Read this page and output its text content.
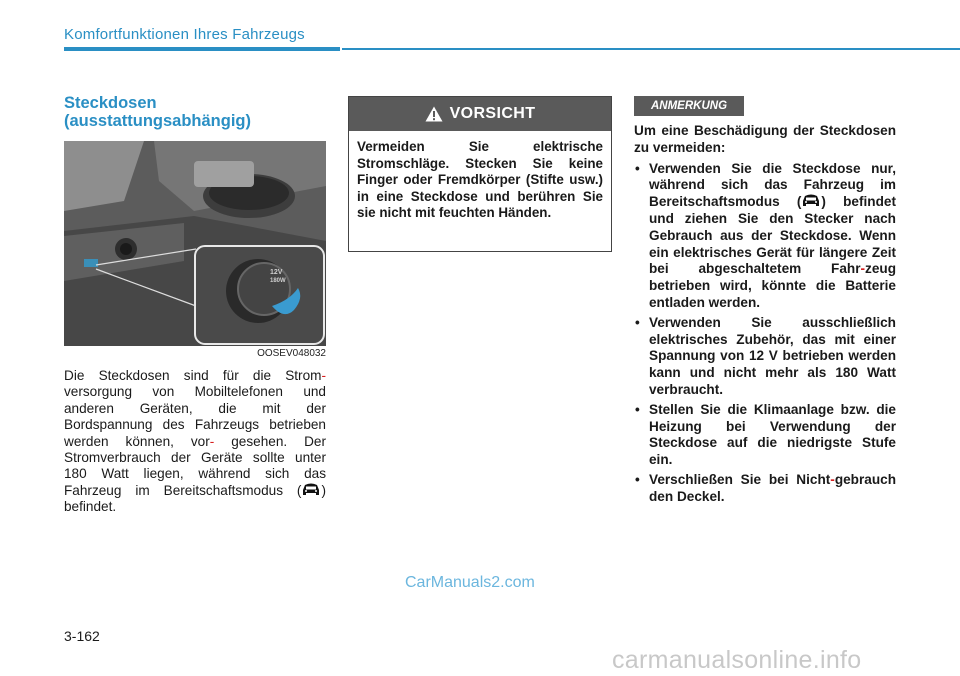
Komfortfunktionen Ihres Fahrzeugs
Steckdosen
(ausstattungsabhängig)
12V
180W
OOSEV048032

Die Steckdosen sind für die Strom- versorgung von Mobiltelefonen und anderen Geräten, die mit der Bordspannung des Fahrzeugs betrieben werden können, vor- gesehen. Der Stromverbrauch der Geräte sollte unter 180 Watt liegen, während sich das Fahrzeug im Bereitschaftsmodus ( ) befindet.

VORSICHT
Vermeiden Sie elektrische Stromschläge. Stecken Sie keine Finger oder Fremdkörper (Stifte usw.) in eine Steckdose und berühren Sie sie nicht mit feuchten Händen.
ANMERKUNG

Um eine Beschädigung der Steckdosen zu vermeiden:

• Verwenden Sie die Steckdose nur, während sich das Fahrzeug im Bereitschaftsmodus ( ) befindet und ziehen Sie den Stecker nach Gebrauch aus der Steckdose. Wenn ein elektrisches Gerät für längere Zeit bei abgeschaltetem Fahr-zeug betrieben wird, könnte die Batterie entladen werden.
• Verwenden Sie ausschließlich elektrisches Zubehör, das mit einer Spannung von 12 V betrieben werden kann und nicht mehr als 180 Watt verbraucht.
• Stellen Sie die Klimaanlage bzw. die Heizung bei Verwendung der Steckdose auf die niedrigste Stufe ein.
• Verschließen Sie bei Nicht-gebrauch den Deckel.
CarManuals2.com
3-162
carmanualsonline.info
